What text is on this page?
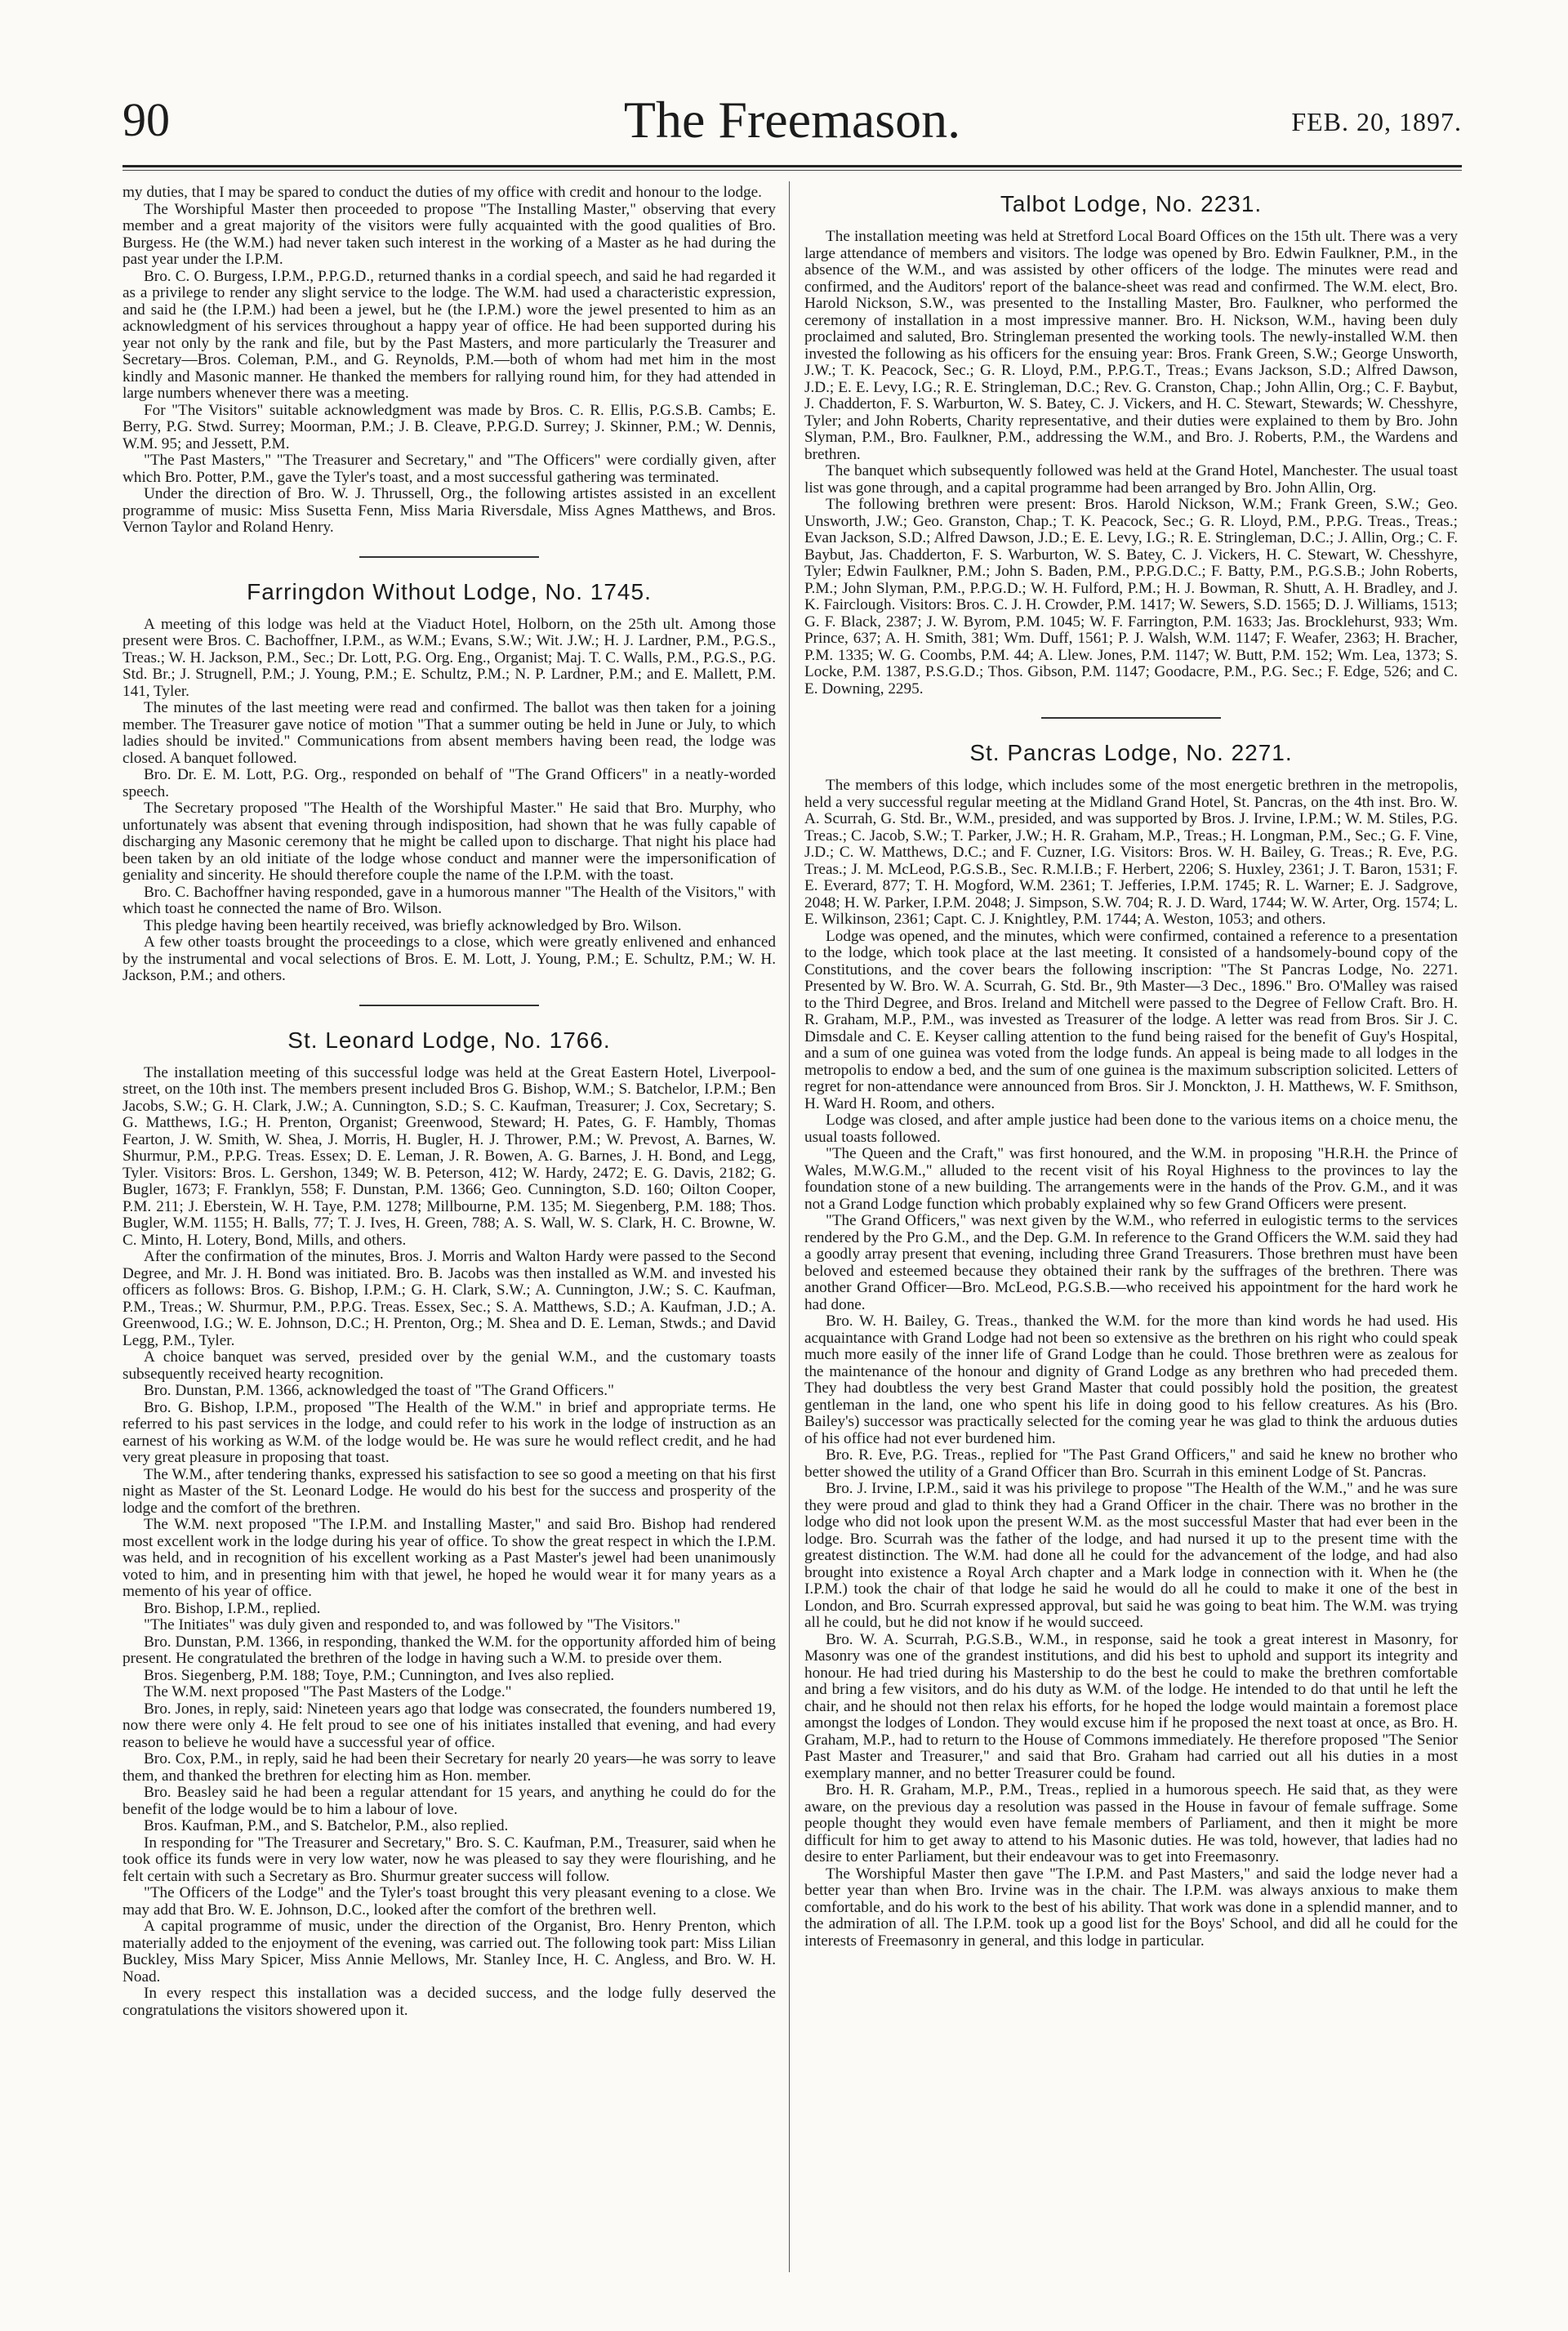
90	The Freemason.	FEB. 20, 1897.

my duties, that I may be spared to conduct the duties of my office with credit and honour to the lodge.

The Worshipful Master then proceeded to propose "The Installing Master," observing that every member and a great majority of the visitors were fully acquainted with the good qualities of Bro. Burgess. He (the W.M.) had never taken such interest in the working of a Master as he had during the past year under the I.P.M.

Bro. C. O. Burgess, I.P.M., P.P.G.D., returned thanks in a cordial speech, and said he had regarded it as a privilege to render any slight service to the lodge. The W.M. had used a characteristic expression, and said he (the I.P.M.) had been a jewel, but he (the I.P.M.) wore the jewel presented to him as an acknowledgment of his services throughout a happy year of office. He had been supported during his year not only by the rank and file, but by the Past Masters, and more particularly the Treasurer and Secretary—Bros. Coleman, P.M., and G. Reynolds, P.M.—both of whom had met him in the most kindly and Masonic manner. He thanked the members for rallying round him, for they had attended in large numbers whenever there was a meeting.

For "The Visitors" suitable acknowledgment was made by Bros. C. R. Ellis, P.G.S.B. Cambs; E. Berry, P.G. Stwd. Surrey; Moorman, P.M.; J. B. Cleave, P.P.G.D. Surrey; J. Skinner, P.M.; W. Dennis, W.M. 95; and Jessett, P.M.

"The Past Masters," "The Treasurer and Secretary," and "The Officers" were cordially given, after which Bro. Potter, P.M., gave the Tyler's toast, and a most successful gathering was terminated.

Under the direction of Bro. W. J. Thrussell, Org., the following artistes assisted in an excellent programme of music: Miss Susetta Fenn, Miss Maria Riversdale, Miss Agnes Matthews, and Bros. Vernon Taylor and Roland Henry.

Farringdon Without Lodge, No. 1745.

A meeting of this lodge was held at the Viaduct Hotel, Holborn, on the 25th ult. Among those present were Bros. C. Bachoffner, I.P.M., as W.M.; Evans, S.W.; Wit. J.W.; H. J. Lardner, P.M., P.G.S., Treas.; W. H. Jackson, P.M., Sec.; Dr. Lott, P.G. Org. Eng., Organist; Maj. T. C. Walls, P.M., P.G.S., P.G. Std. Br.; J. Strugnell, P.M.; J. Young, P.M.; E. Schultz, P.M.; N. P. Lardner, P.M.; and E. Mallett, P.M. 141, Tyler.

The minutes of the last meeting were read and confirmed. The ballot was then taken for a joining member. The Treasurer gave notice of motion "That a summer outing be held in June or July, to which ladies should be invited." Communications from absent members having been read, the lodge was closed. A banquet followed.

Bro. Dr. E. M. Lott, P.G. Org., responded on behalf of "The Grand Officers" in a neatly-worded speech.

The Secretary proposed "The Health of the Worshipful Master." He said that Bro. Murphy, who unfortunately was absent that evening through indisposition, had shown that he was fully capable of discharging any Masonic ceremony that he might be called upon to discharge. That night his place had been taken by an old initiate of the lodge whose conduct and manner were the impersonification of geniality and sincerity. He should therefore couple the name of the I.P.M. with the toast.

Bro. C. Bachoffner having responded, gave in a humorous manner "The Health of the Visitors," with which toast he connected the name of Bro. Wilson.

This pledge having been heartily received, was briefly acknowledged by Bro. Wilson.

A few other toasts brought the proceedings to a close, which were greatly enlivened and enhanced by the instrumental and vocal selections of Bros. E. M. Lott, J. Young, P.M.; E. Schultz, P.M.; W. H. Jackson, P.M.; and others.

St. Leonard Lodge, No. 1766.

The installation meeting of this successful lodge was held at the Great Eastern Hotel, Liverpool-street, on the 10th inst. The members present included Bros G. Bishop, W.M.; S. Batchelor, I.P.M.; Ben Jacobs, S.W.; G. H. Clark, J.W.; A. Cunnington, S.D.; S. C. Kaufman, Treasurer; J. Cox, Secretary; S. G. Matthews, I.G.; H. Prenton, Organist; Greenwood, Steward; H. Pates, G. F. Hambly, Thomas Fearton, J. W. Smith, W. Shea, J. Morris, H. Bugler, H. J. Thrower, P.M.; W. Prevost, A. Barnes, W. Shurmur, P.M., P.P.G. Treas. Essex; D. E. Leman, J. R. Bowen, A. G. Barnes, J. H. Bond, and Legg, Tyler. Visitors: Bros. L. Gershon, 1349; W. B. Peterson, 412; W. Hardy, 2472; E. G. Davis, 2182; G. Bugler, 1673; F. Franklyn, 558; F. Dunstan, P.M. 1366; Geo. Cunnington, S.D. 160; Oilton Cooper, P.M. 211; J. Eberstein, W. H. Taye, P.M. 1278; Millbourne, P.M. 135; M. Siegenberg, P.M. 188; Thos. Bugler, W.M. 1155; H. Balls, 77; T. J. Ives, H. Green, 788; A. S. Wall, W. S. Clark, H. C. Browne, W. C. Minto, H. Lotery, Bond, Mills, and others.

After the confirmation of the minutes, Bros. J. Morris and Walton Hardy were passed to the Second Degree, and Mr. J. H. Bond was initiated. Bro. B. Jacobs was then installed as W.M. and invested his officers as follows: Bros. G. Bishop, I.P.M.; G. H. Clark, S.W.; A. Cunnington, J.W.; S. C. Kaufman, P.M., Treas.; W. Shurmur, P.M., P.P.G. Treas. Essex, Sec.; S. A. Matthews, S.D.; A. Kaufman, J.D.; A. Greenwood, I.G.; W. E. Johnson, D.C.; H. Prenton, Org.; M. Shea and D. E. Leman, Stwds.; and David Legg, P.M., Tyler.

A choice banquet was served, presided over by the genial W.M., and the customary toasts subsequently received hearty recognition.

Bro. Dunstan, P.M. 1366, acknowledged the toast of "The Grand Officers."

Bro. G. Bishop, I.P.M., proposed "The Health of the W.M." in brief and appropriate terms. He referred to his past services in the lodge, and could refer to his work in the lodge of instruction as an earnest of his working as W.M. of the lodge would be. He was sure he would reflect credit, and he had very great pleasure in proposing that toast.

The W.M., after tendering thanks, expressed his satisfaction to see so good a meeting on that his first night as Master of the St. Leonard Lodge. He would do his best for the success and prosperity of the lodge and the comfort of the brethren.

The W.M. next proposed "The I.P.M. and Installing Master," and said Bro. Bishop had rendered most excellent work in the lodge during his year of office. To show the great respect in which the I.P.M. was held, and in recognition of his excellent working as a Past Master's jewel had been unanimously voted to him, and in presenting him with that jewel, he hoped he would wear it for many years as a memento of his year of office.

Bro. Bishop, I.P.M., replied.

"The Initiates" was duly given and responded to, and was followed by "The Visitors."

Bro. Dunstan, P.M. 1366, in responding, thanked the W.M. for the opportunity afforded him of being present. He congratulated the brethren of the lodge in having such a W.M. to preside over them.

Bros. Siegenberg, P.M. 188; Toye, P.M.; Cunnington, and Ives also replied.

The W.M. next proposed "The Past Masters of the Lodge."

Bro. Jones, in reply, said: Nineteen years ago that lodge was consecrated, the founders numbered 19, now there were only 4. He felt proud to see one of his initiates installed that evening, and had every reason to believe he would have a successful year of office.

Bro. Cox, P.M., in reply, said he had been their Secretary for nearly 20 years—he was sorry to leave them, and thanked the brethren for electing him as Hon. member.

Bro. Beasley said he had been a regular attendant for 15 years, and anything he could do for the benefit of the lodge would be to him a labour of love.

Bros. Kaufman, P.M., and S. Batchelor, P.M., also replied.

In responding for "The Treasurer and Secretary," Bro. S. C. Kaufman, P.M., Treasurer, said when he took office its funds were in very low water, now he was pleased to say they were flourishing, and he felt certain with such a Secretary as Bro. Shurmur greater success will follow.

"The Officers of the Lodge" and the Tyler's toast brought this very pleasant evening to a close. We may add that Bro. W. E. Johnson, D.C., looked after the comfort of the brethren well.

A capital programme of music, under the direction of the Organist, Bro. Henry Prenton, which materially added to the enjoyment of the evening, was carried out. The following took part: Miss Lilian Buckley, Miss Mary Spicer, Miss Annie Mellows, Mr. Stanley Ince, H. C. Angless, and Bro. W. H. Noad.

In every respect this installation was a decided success, and the lodge fully deserved the congratulations the visitors showered upon it.

Talbot Lodge, No. 2231.

The installation meeting was held at Stretford Local Board Offices on the 15th ult. There was a very large attendance of members and visitors. The lodge was opened by Bro. Edwin Faulkner, P.M., in the absence of the W.M., and was assisted by other officers of the lodge. The minutes were read and confirmed, and the Auditors' report of the balance-sheet was read and confirmed. The W.M. elect, Bro. Harold Nickson, S.W., was presented to the Installing Master, Bro. Faulkner, who performed the ceremony of installation in a most impressive manner. Bro. H. Nickson, W.M., having been duly proclaimed and saluted, Bro. Stringleman presented the working tools. The newly-installed W.M. then invested the following as his officers for the ensuing year: Bros. Frank Green, S.W.; George Unsworth, J.W.; T. K. Peacock, Sec.; G. R. Lloyd, P.M., P.P.G.T., Treas.; Evans Jackson, S.D.; Alfred Dawson, J.D.; E. E. Levy, I.G.; R. E. Stringleman, D.C.; Rev. G. Cranston, Chap.; John Allin, Org.; C. F. Baybut, J. Chadderton, F. S. Warburton, W. S. Batey, C. J. Vickers, and H. C. Stewart, Stewards; W. Chesshyre, Tyler; and John Roberts, Charity representative, and their duties were explained to them by Bro. John Slyman, P.M., Bro. Faulkner, P.M., addressing the W.M., and Bro. J. Roberts, P.M., the Wardens and brethren.

The banquet which subsequently followed was held at the Grand Hotel, Manchester. The usual toast list was gone through, and a capital programme had been arranged by Bro. John Allin, Org.

The following brethren were present: Bros. Harold Nickson, W.M.; Frank Green, S.W.; Geo. Unsworth, J.W.; Geo. Granston, Chap.; T. K. Peacock, Sec.; G. R. Lloyd, P.M., P.P.G. Treas., Treas.; Evan Jackson, S.D.; Alfred Dawson, J.D.; E. E. Levy, I.G.; R. E. Stringleman, D.C.; J. Allin, Org.; C. F. Baybut, Jas. Chadderton, F. S. Warburton, W. S. Batey, C. J. Vickers, H. C. Stewart, W. Chesshyre, Tyler; Edwin Faulkner, P.M.; John S. Baden, P.M., P.P.G.D.C.; F. Batty, P.M., P.G.S.B.; John Roberts, P.M.; John Slyman, P.M., P.P.G.D.; W. H. Fulford, P.M.; H. J. Bowman, R. Shutt, A. H. Bradley, and J. K. Fairclough. Visitors: Bros. C. J. H. Crowder, P.M. 1417; W. Sewers, S.D. 1565; D. J. Williams, 1513; G. F. Black, 2387; J. W. Byrom, P.M. 1045; W. F. Farrington, P.M. 1633; Jas. Brocklehurst, 933; Wm. Prince, 637; A. H. Smith, 381; Wm. Duff, 1561; P. J. Walsh, W.M. 1147; F. Weafer, 2363; H. Bracher, P.M. 1335; W. G. Coombs, P.M. 44; A. Llew. Jones, P.M. 1147; W. Butt, P.M. 152; Wm. Lea, 1373; S. Locke, P.M. 1387, P.S.G.D.; Thos. Gibson, P.M. 1147; Goodacre, P.M., P.G. Sec.; F. Edge, 526; and C. E. Downing, 2295.

St. Pancras Lodge, No. 2271.

The members of this lodge, which includes some of the most energetic brethren in the metropolis, held a very successful regular meeting at the Midland Grand Hotel, St. Pancras, on the 4th inst. Bro. W. A. Scurrah, G. Std. Br., W.M., presided, and was supported by Bros. J. Irvine, I.P.M.; W. M. Stiles, P.G. Treas.; C. Jacob, S.W.; T. Parker, J.W.; H. R. Graham, M.P., Treas.; H. Longman, P.M., Sec.; G. F. Vine, J.D.; C. W. Matthews, D.C.; and F. Cuzner, I.G. Visitors: Bros. W. H. Bailey, G. Treas.; R. Eve, P.G. Treas.; J. M. McLeod, P.G.S.B., Sec. R.M.I.B.; F. Herbert, 2206; S. Huxley, 2361; J. T. Baron, 1531; F. E. Everard, 877; T. H. Mogford, W.M. 2361; T. Jefferies, I.P.M. 1745; R. L. Warner; E. J. Sadgrove, 2048; H. W. Parker, I.P.M. 2048; J. Simpson, S.W. 704; R. J. D. Ward, 1744; W. W. Arter, Org. 1574; L. E. Wilkinson, 2361; Capt. C. J. Knightley, P.M. 1744; A. Weston, 1053; and others.

Lodge was opened, and the minutes, which were confirmed, contained a reference to a presentation to the lodge, which took place at the last meeting. It consisted of a handsomely-bound copy of the Constitutions, and the cover bears the following inscription: "The St Pancras Lodge, No. 2271. Presented by W. Bro. W. A. Scurrah, G. Std. Br., 9th Master—3 Dec., 1896." Bro. O'Malley was raised to the Third Degree, and Bros. Ireland and Mitchell were passed to the Degree of Fellow Craft. Bro. H. R. Graham, M.P., P.M., was invested as Treasurer of the lodge. A letter was read from Bros. Sir J. C. Dimsdale and C. E. Keyser calling attention to the fund being raised for the benefit of Guy's Hospital, and a sum of one guinea was voted from the lodge funds. An appeal is being made to all lodges in the metropolis to endow a bed, and the sum of one guinea is the maximum subscription solicited. Letters of regret for non-attendance were announced from Bros. Sir J. Monckton, J. H. Matthews, W. F. Smithson, H. Ward H. Room, and others.

Lodge was closed, and after ample justice had been done to the various items on a choice menu, the usual toasts followed.

"The Queen and the Craft," was first honoured, and the W.M. in proposing "H.R.H. the Prince of Wales, M.W.G.M.," alluded to the recent visit of his Royal Highness to the provinces to lay the foundation stone of a new building. The arrangements were in the hands of the Prov. G.M., and it was not a Grand Lodge function which probably explained why so few Grand Officers were present.

"The Grand Officers," was next given by the W.M., who referred in eulogistic terms to the services rendered by the Pro G.M., and the Dep. G.M. In reference to the Grand Officers the W.M. said they had a goodly array present that evening, including three Grand Treasurers. Those brethren must have been beloved and esteemed because they obtained their rank by the suffrages of the brethren. There was another Grand Officer—Bro. McLeod, P.G.S.B.—who received his appointment for the hard work he had done.

Bro. W. H. Bailey, G. Treas., thanked the W.M. for the more than kind words he had used. His acquaintance with Grand Lodge had not been so extensive as the brethren on his right who could speak much more easily of the inner life of Grand Lodge than he could. Those brethren were as zealous for the maintenance of the honour and dignity of Grand Lodge as any brethren who had preceded them. They had doubtless the very best Grand Master that could possibly hold the position, the greatest gentleman in the land, one who spent his life in doing good to his fellow creatures. As his (Bro. Bailey's) successor was practically selected for the coming year he was glad to think the arduous duties of his office had not ever burdened him.

Bro. R. Eve, P.G. Treas., replied for "The Past Grand Officers," and said he knew no brother who better showed the utility of a Grand Officer than Bro. Scurrah in this eminent Lodge of St. Pancras.

Bro. J. Irvine, I.P.M., said it was his privilege to propose "The Health of the W.M.," and he was sure they were proud and glad to think they had a Grand Officer in the chair. There was no brother in the lodge who did not look upon the present W.M. as the most successful Master that had ever been in the lodge. Bro. Scurrah was the father of the lodge, and had nursed it up to the present time with the greatest distinction. The W.M. had done all he could for the advancement of the lodge, and had also brought into existence a Royal Arch chapter and a Mark lodge in connection with it. When he (the I.P.M.) took the chair of that lodge he said he would do all he could to make it one of the best in London, and Bro. Scurrah expressed approval, but said he was going to beat him. The W.M. was trying all he could, but he did not know if he would succeed.

Bro. W. A. Scurrah, P.G.S.B., W.M., in response, said he took a great interest in Masonry, for Masonry was one of the grandest institutions, and did his best to uphold and support its integrity and honour. He had tried during his Mastership to do the best he could to make the brethren comfortable and bring a few visitors, and do his duty as W.M. of the lodge. He intended to do that until he left the chair, and he should not then relax his efforts, for he hoped the lodge would maintain a foremost place amongst the lodges of London. They would excuse him if he proposed the next toast at once, as Bro. H. Graham, M.P., had to return to the House of Commons immediately. He therefore proposed "The Senior Past Master and Treasurer," and said that Bro. Graham had carried out all his duties in a most exemplary manner, and no better Treasurer could be found.

Bro. H. R. Graham, M.P., P.M., Treas., replied in a humorous speech. He said that, as they were aware, on the previous day a resolution was passed in the House in favour of female suffrage. Some people thought they would even have female members of Parliament, and then it might be more difficult for him to get away to attend to his Masonic duties. He was told, however, that ladies had no desire to enter Parliament, but their endeavour was to get into Freemasonry.

The Worshipful Master then gave "The I.P.M. and Past Masters," and said the lodge never had a better year than when Bro. Irvine was in the chair. The I.P.M. was always anxious to make them comfortable, and do his work to the best of his ability. That work was done in a splendid manner, and to the admiration of all. The I.P.M. took up a good list for the Boys' School, and did all he could for the interests of Freemasonry in general, and this lodge in particular.
